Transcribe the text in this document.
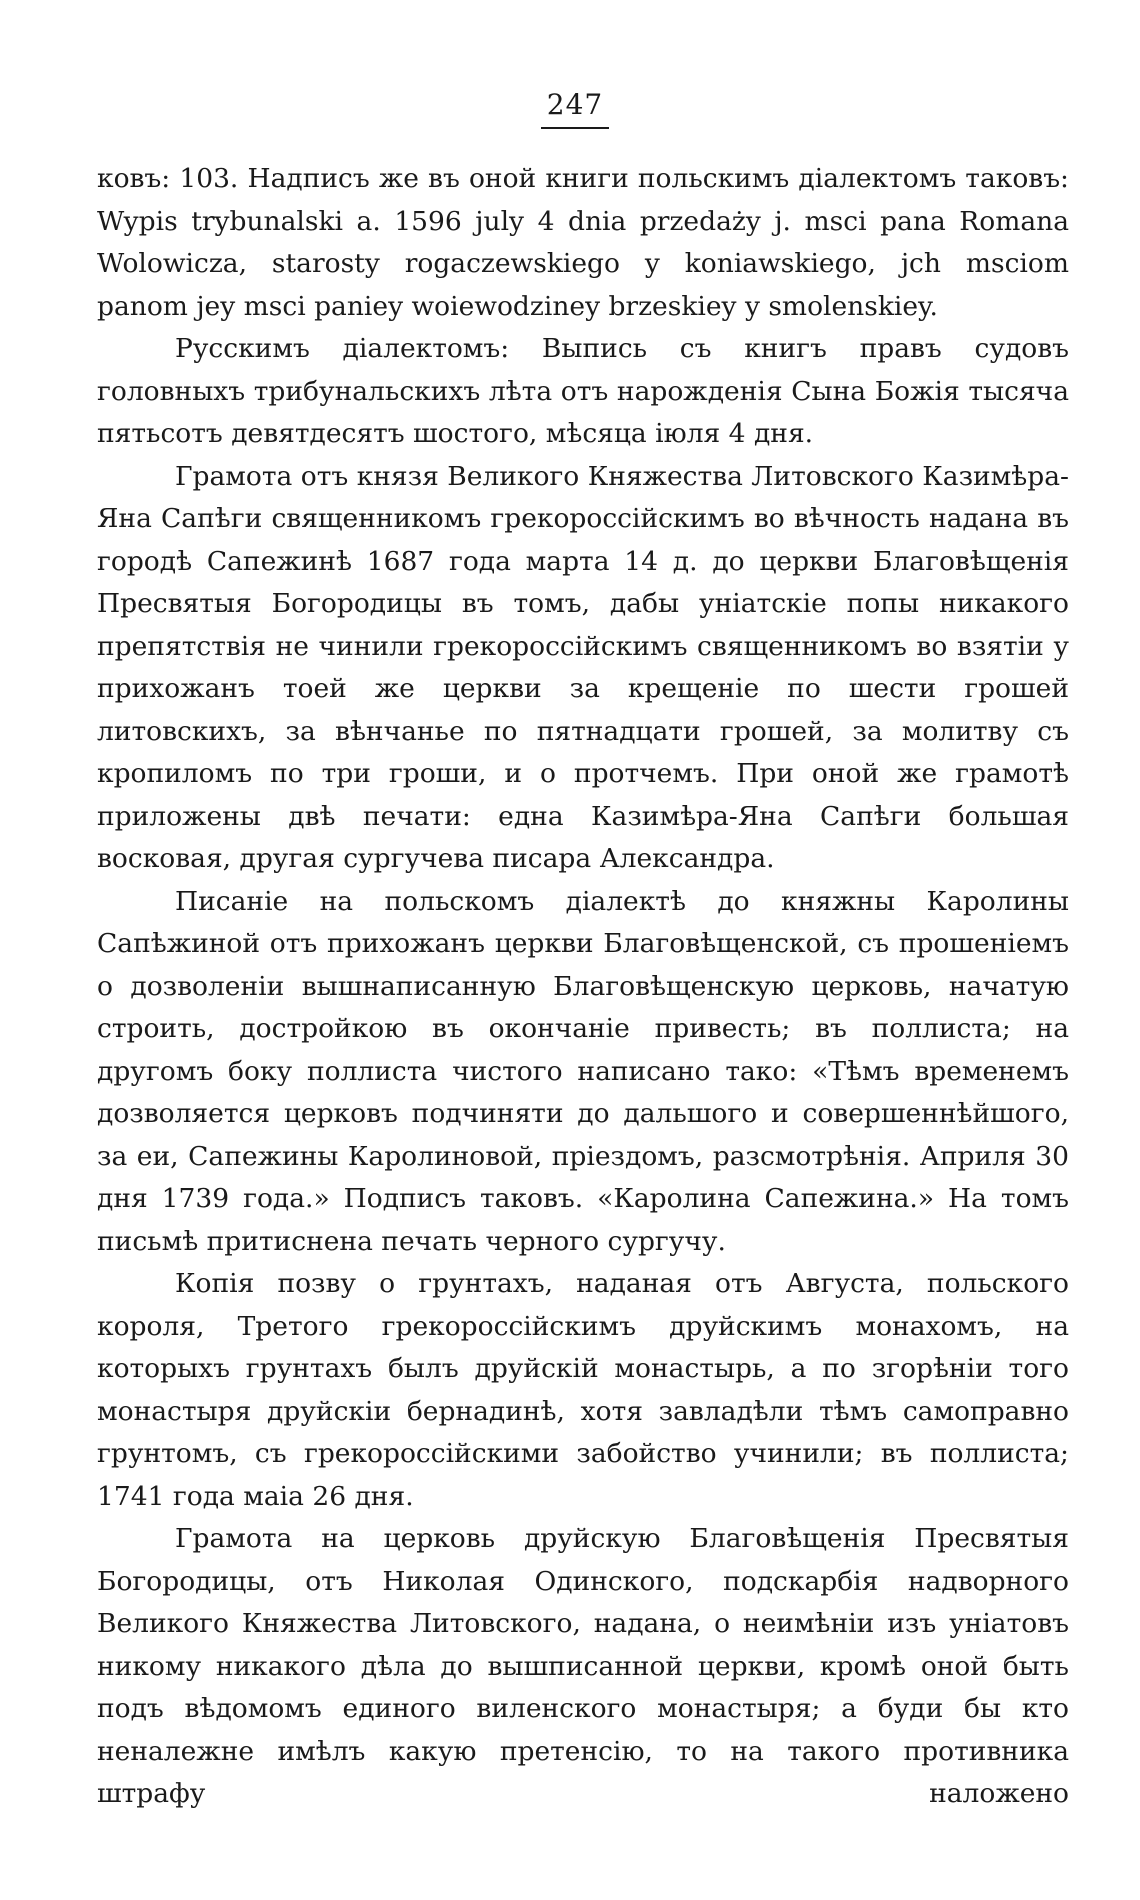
247

ковъ: 103. Надписъ же въ оной книги польскимъ діалектомъ таковъ: Wypis trybunalski a. 1596 july 4 dnia przedaży j. msci pana Romana Wolowicza, starosty rogaczewskiego y koniawskiego, jch msciom panom jey msci paniey woiewodziney brzeskiey y smolenskiey.

Русскимъ діалектомъ: Выпись съ книгъ правъ судовъ головныхъ трибунальскихъ лѣта отъ нарожденія Сына Божія тысяча пятьсотъ девятдесятъ шостого, мѣсяца іюля 4 дня.

Грамота отъ князя Великого Княжества Литовского Казимѣра-Яна Сапѣги священникомъ грекороссійскимъ во вѣчность надана въ городѣ Сапежинѣ 1687 года марта 14 д. до церкви Благовѣщенія Пресвятыя Богородицы въ томъ, дабы уніатскіе попы никакого препятствія не чинили грекороссійскимъ священникомъ во взятіи у прихожанъ тоей же церкви за крещеніе по шести грошей литовскихъ, за вѣнчанье по пятнадцати грошей, за молитву съ кропиломъ по три гроши, и о протчемъ. При оной же грамотѣ приложены двѣ печати: една Казимѣра-Яна Сапѣги большая восковая, другая сургучева писара Александра.

Писаніе на польскомъ діалектѣ до княжны Каролины Сапѣжиной отъ прихожанъ церкви Благовѣщенской, съ прошеніемъ о дозволеніи вышнаписанную Благовѣщенскую церковь, начатую строить, достройкою въ окончаніе привесть; въ поллиста; на другомъ боку поллиста чистого написано тако: «Тѣмъ временемъ дозволяется церковъ подчиняти до дальшого и совершеннѣйшого, за еи, Сапежины Каролиновой, пріездомъ, разсмотрѣнія. Априля 30 дня 1739 года.» Подписъ таковъ. «Каролина Сапежина.» На томъ письмѣ притиснена печать черного сургучу.

Копія позву о грунтахъ, наданая отъ Августа, польского короля, Третого грекороссійскимъ друйскимъ монахомъ, на которыхъ грунтахъ былъ друйскій монастырь, а по згорѣніи того монастыря друйскіи бернадинѣ, хотя завладѣли тѣмъ самоправно грунтомъ, съ грекороссійскими забойство учинили; въ поллиста; 1741 года маіа 26 дня.

Грамота на церковь друйскую Благовѣщенія Пресвятыя Богородицы, отъ Николая Одинского, подскарбія надворного Великого Княжества Литовского, надана, о неимѣніи изъ уніатовъ никому никакого дѣла до вышписанной церкви, кромѣ оной быть подъ вѣдомомъ единого виленского монастыря; а буди бы кто неналежне имѣлъ какую претенсію, то на такого противника штрафу наложено
